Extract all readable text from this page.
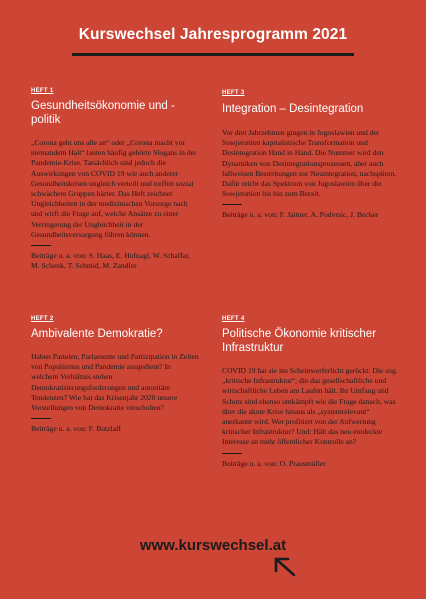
Kurswechsel Jahresprogramm 2021
HEFT 1
Gesundheitsökonomie und -politik
„Corona geht uns alle an“ oder „Corona macht vor niemandem Halt“ lauten häufig gehörte Slogans in der Pandemie-Krise. Tatsächlich sind jedoch die Auswirkungen von COVID 19 wie auch anderer Gesundheitskrisen ungleich verteilt und treffen sozial schwächere Gruppen härter. Das Heft zeichnet Ungleichheiten in der medizinischen Vorsorge nach und wirft die Frage auf, welche Ansätze zu einer Verringerung der Ungleichheit in der Gesundheitsversorgung führen können.
Beiträge u. a. von: S. Haas, E. Hufnagl, W. Schaffar, M. Schenk, T. Schmid, M. Zandler
HEFT 3
Integration – Desintegration
Vor drei Jahrzehnten gingen in Jugoslawien und der Sowjetunion kapitalistische Transformation und Desintegration Hand in Hand. Die Nummer wird den Dynamiken von Desintegrationsprozessen, aber auch fallweisen Bestrebungen zur Neuintegration, nachspüren. Dafür reicht das Spektrum von Jugoslawien über die Sowjetunion bis hin zum Brexit.
Beiträge u. a. von: F. Jaitner, A. Podvrsic, J. Becker
HEFT 2
Ambivalente Demokratie?
Haben Parteien, Parlamente und Partizipation in Zeiten von Populismus und Pandemie ausgedient? In welchem Verhältnis stehen Demokratisierungsforderungen und autoritäre Tendenzen? Wie hat das Krisenjahr 2020 unsere Vorstellungen von Demokratie verschoben?
Beiträge u. a. von: F. Butzlaff
HEFT 4
Politische Ökonomie kritischer Infrastruktur
COVID 19 hat sie ins Scheinwerferlicht gerückt: Die sog. „kritische Infrastruktur“, die das gesellschaftliche und wirtschaftliche Leben am Laufen hält. Ihr Umfang und Schutz sind ebenso umkämpft wie die Frage danach, was über die akute Krise hinaus als „systemrelevant“ anerkannt wird. Wer profitiert von der Aufwertung kritischer Infrastruktur? Und: Hält das neu entdeckte Interesse an mehr öffentlicher Kontrolle an?
Beiträge u. a. von: O. Prausmüller
www.kurswechsel.at
